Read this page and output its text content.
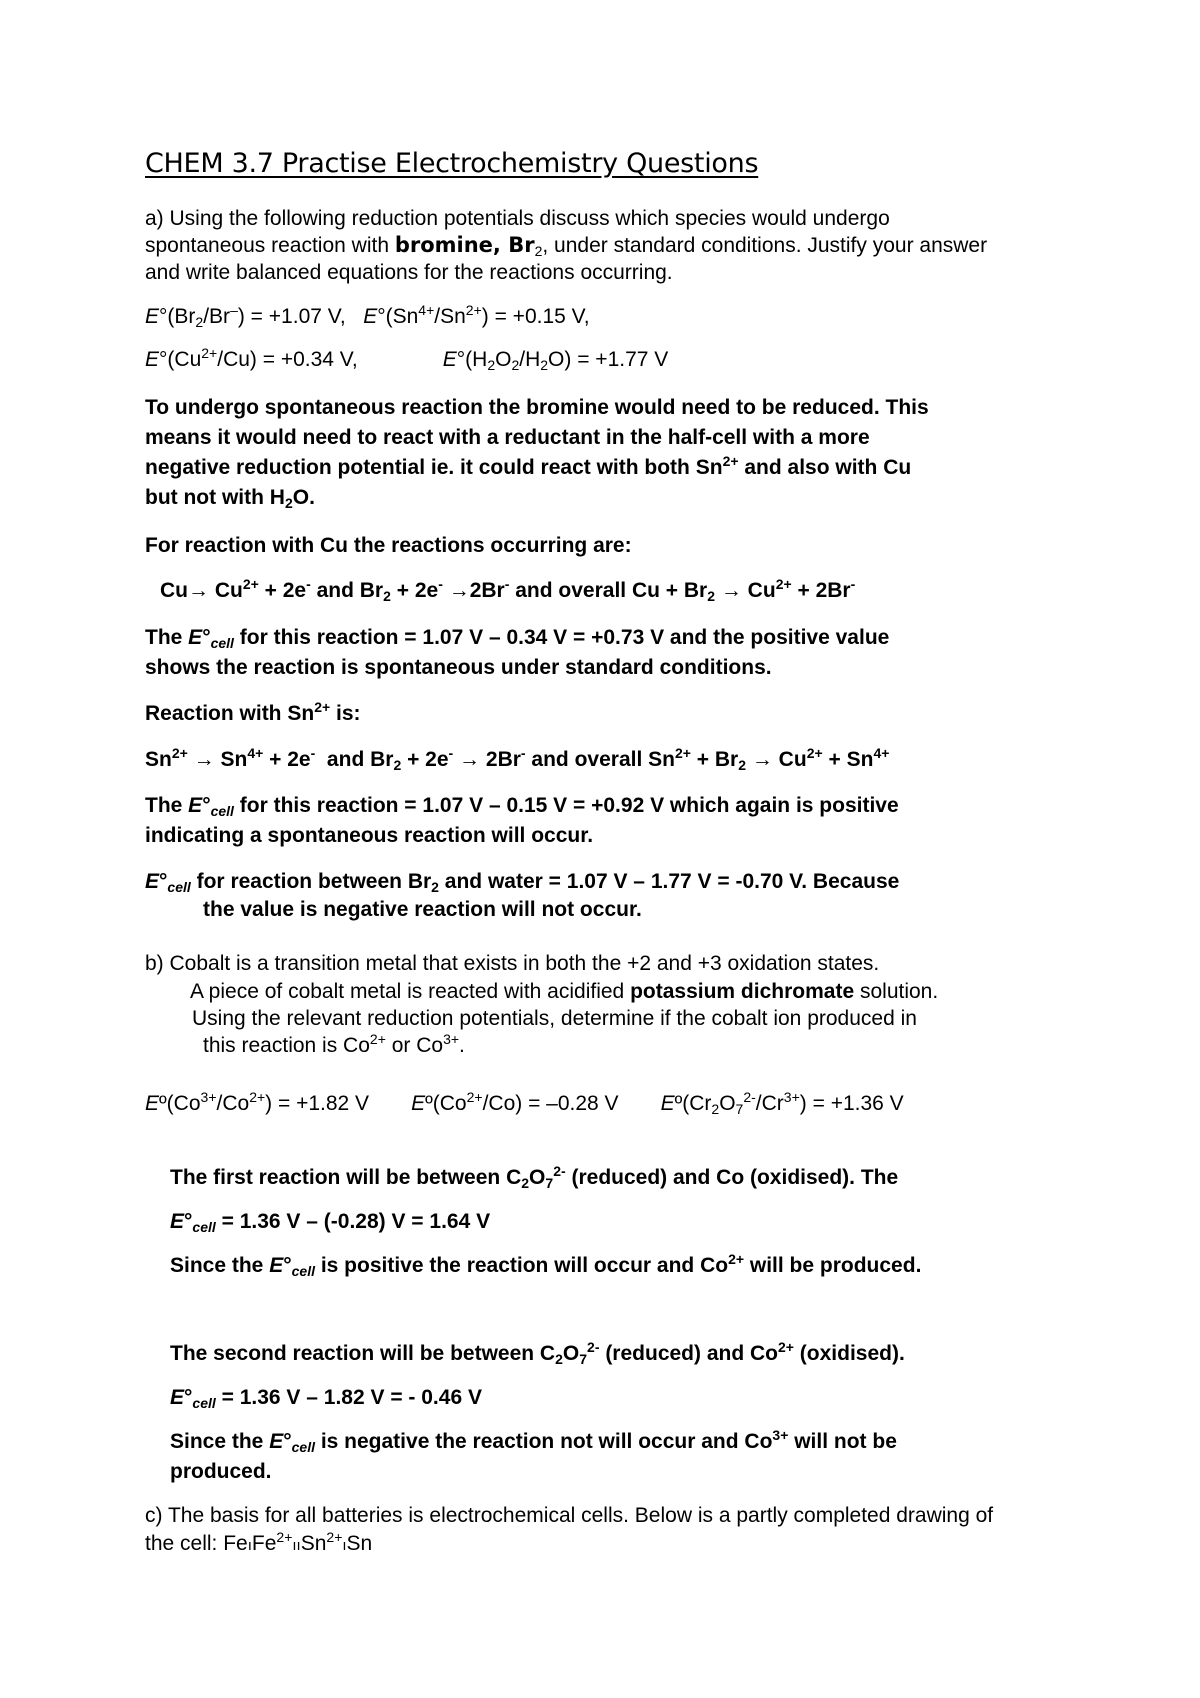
CHEM 3.7 Practise Electrochemistry Questions
a) Using the following reduction potentials discuss which species would undergo
spontaneous reaction with bromine, $Br_2$, under standard conditions. Justify your answer
and write balanced equations for the reactions occurring.
$E^\circ(Br_2/Br^-) = +1.07$ V,   $E^\circ(Sn^{4+}/Sn^{2+}) = +0.15$ V,
$E^\circ(Cu^{2+}/Cu) = +0.34$ V,	$E^\circ(H_2O_2/H_2O) = +1.77$ V
To undergo spontaneous reaction the bromine would need to be reduced. This
means it would need to react with a reductant in the half-cell with a more
negative reduction potential ie. it could react with both $Sn^{2+}$ and also with Cu
but not with $H_2O$.
For reaction with Cu the reactions occurring are:
$Cu\to Cu^{2+} + 2e^-$ and $Br_2 + 2e^- \to 2Br^-$ and overall $Cu + Br_2 \to Cu^{2+} + 2Br^-$
The E°cell for this reaction = 1.07 V – 0.34 V = +0.73 V and the positive value
shows the reaction is spontaneous under standard conditions.
Reaction with $Sn^{2+}$ is:
$Sn^{2+} \to Sn^{4+} + 2e^-$  and $Br_2 + 2e^- \to 2Br^-$ and overall $Sn^{2+} + Br_2 \to Cu^{2+} + Sn^{4+}$
The E°cell for this reaction = 1.07 V – 0.15 V = +0.92 V which again is positive
indicating a spontaneous reaction will occur.
E°cell for reaction between $Br_2$ and water = 1.07 V – 1.77 V = -0.70 V. Because
the value is negative reaction will not occur.
b) Cobalt is a transition metal that exists in both the +2 and +3 oxidation states.
A piece of cobalt metal is reacted with acidified potassium dichromate solution.
Using the relevant reduction potentials, determine if the cobalt ion produced in
this reaction is $Co^{2+}$ or $Co^{3+}$.
$Eº(Co^{3+}/Co^{2+}) = +1.82$ V $Eº(Co^{2+}/Co) = -0.28$ V $Eº(Cr_2O_7^{2-}/Cr^{3+}) = +1.36$ V
The first reaction will be between $C_2O_7^{2-}$ (reduced) and Co (oxidised). The
E°cell = 1.36 V – (-0.28) V = 1.64 V
Since the E°cell is positive the reaction will occur and $Co^{2+}$ will be produced.
The second reaction will be between $C_2O_7^{2-}$ (reduced) and $Co^{2+}$ (oxidised).
E°cell = 1.36 V – 1.82 V = - 0.46 V
Since the E°cell is negative the reaction not will occur and $Co^{3+}$ will not be
produced.
c) The basis for all batteries is electrochemical cells. Below is a partly completed drawing of
the cell: FeıFe$^{2+}$ııSn$^{2+}$ıSn
